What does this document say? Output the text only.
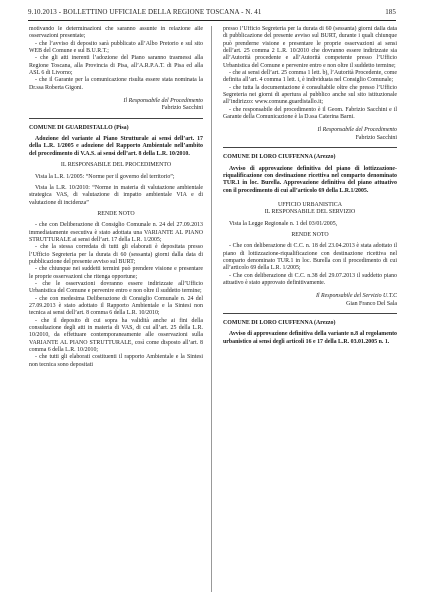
9.10.2013 - BOLLETTINO UFFICIALE DELLA REGIONE TOSCANA - N. 41	185

motivando le determinazioni che saranno assunte in relazione alle osservazioni presentate;

- che l’avviso di deposito sarà pubblicato all’Albo Pretorio e sul sito WEB del Comune e sul B.U.R.T.;

- che gli atti inerenti l’adozione del Piano saranno trasmessi alla Regione Toscana, alla Provincia di Pisa, all’A.R.P.A.T. di Pisa ed alla ASL 6 di Livorno;

- che il Garante per la comunicazione risulta essere stata nominata la Dr.ssa Roberta Gigoni.

Il Responsabile del Procedimento

Fabrizio Sacchini

COMUNE DI GUARDISTALLO (Pisa)

Adozione del variante al Piano Strutturale ai sensi dell’art. 17 della L.R. 1/2005 e adozione del Rapporto Ambientale nell’ambito del procedimento di V.A.S. ai sensi dell’art. 8 della L.R. 10/2010.

IL RESPONSABILE DEL PROCEDIMENTO

Vista la L.R. 1/2005: “Norme per il governo del territorio”;

Vista la L.R. 10/2010: “Norme in materia di valutazione ambientale strategica VAS, di valutazione di impatto ambientale VIA e di valutazione di incidenza”

RENDE NOTO

- che con Deliberazione di Consiglio Comunale n. 24 del 27.09.2013 immediatamente esecutiva è stato adottata una VARIANTE AL PIANO STRUTTURALE ai sensi dell’art. 17 della L.R. 1/2005;

- che la stessa corredata di tutti gli elaborati è depositata presso l’Ufficio Segreteria per la durata di 60 (sessanta) giorni dalla data di pubblicazione del presente avviso sul BURT;

- che chiunque nei suddetti termini può prendere visione e presentare le proprie osservazioni che ritenga opportune;

- che le osservazioni dovranno essere indirizzate all’Ufficio Urbanistica del Comune e pervenire entro e non oltre il suddetto termine;

- che con medesima Deliberazione di Consiglio Comunale n. 24 del 27.09.2013 è stato adottato il Rapporto Ambientale e la Sintesi non tecnica ai sensi dell’art. 8 comma 6 della L.R. 10/2010;

- che il deposito di cui sopra ha validità anche ai fini della consultazione degli atti in materia di VAS, di cui all’art. 25 della L.R. 10/2010, da effettuare contemporaneamente alle osservazioni sulla VARIANTE AL PIANO STRUTTURALE, così come disposto all’art. 8 comma 6 della L.R. 10/2010;

- che tutti gli elaborati costituenti il rapporto Ambientale e la Sintesi non tecnica sono depositati

presso l’Ufficio Segreteria per la durata di 60 (sessanta) giorni dalla data di pubblicazione del presente avviso sul BURT, durante i quali chiunque può prenderne visione e presentare le proprie osservazioni ai sensi dell’art. 25 comma 2 L.R. 10/2010 che dovranno essere indirizzate sia all’Autorità procedente e all’Autorità competente presso l’Ufficio Urbanistica del Comune e pervenire entro e non oltre il suddetto termine;

- che ai sensi dell’art. 25 comma 1 lett. b), l’Autorità Procedente, come definita all’art. 4 comma 1 lett. i, è individuata nel Consiglio Comunale;

- che tutta la documentazione è consultabile oltre che presso l’Ufficio Segreteria nei giorni di apertura al pubblico anche sul sito istituzionale all’indirizzo: www.comune.guardistallo.it;

- che responsabile del procedimento è il Geom. Fabrizio Sacchini e il Garante della Comunicazione è la D.ssa Caterina Barni.

Il Responsabile del Procedimento

Fabrizio Sacchini

COMUNE DI LORO CIUFFENNA (Arezzo)

Avviso di approvazione definitiva del piano di lottizzazione-riqualificazione con destinazione ricettiva nel comparto denominato TUR.1 in loc. Burella. Approvazione definitiva del piano attuativo con il procedimento di cui all’articolo 69 della L.R.1/2005.

UFFICIO URBANISTICA

IL RESPONSABILE DEL SERVIZIO

Vista la Legge Regionale n. 1 del 03/01/2005,

RENDE NOTO

- Che con deliberazione di C.C. n. 18 del 23.04.2013 è stata adottato il piano di lottizzazione-riqualificazione con destinazione ricettiva nel comparto denominato TUR.1 in loc. Burella con il procedimento di cui all’articolo 69 della L.R. 1/2005;

- Che con deliberazione di C.C. n.38 del 29.07.2013 il suddetto piano attuativo è stato approvato definitivamente.

Il Responsabile del Servizio U.T.C

Gian Franco Del Sala

COMUNE DI LORO CIUFFENNA (Arezzo)

Avviso di approvazione definitiva della variante n.8 al regolamento urbanistico ai sensi degli articoli 16 e 17 della L.R. 03.01.2005 n. 1.
